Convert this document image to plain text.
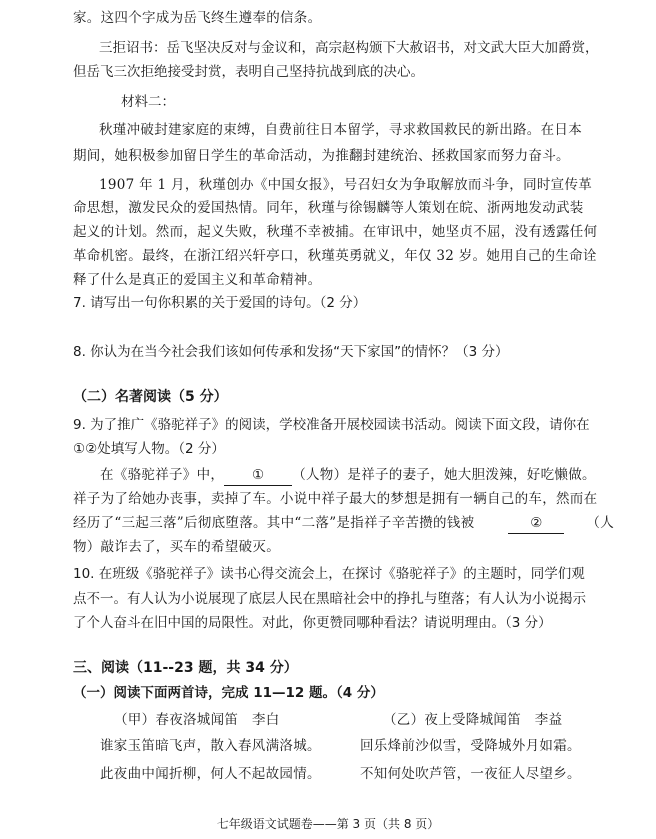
家。这四个字成为岳飞终生遵奉的信条。
三拒诏书：岳飞坚决反对与金议和，高宗赵构颁下大赦诏书，对文武大臣大加爵赏，
但岳飞三次拒绝接受封赏，表明自己坚持抗战到底的决心。
材料二：
秋瑾冲破封建家庭的束缚，自费前往日本留学，寻求救国救民的新出路。在日本
期间，她积极参加留日学生的革命活动，为推翻封建统治、拯救国家而努力奋斗。
1907 年 1 月，秋瑾创办《中国女报》，号召妇女为争取解放而斗争，同时宣传革
命思想，激发民众的爱国热情。同年，秋瑾与徐锡麟等人策划在皖、浙两地发动武装
起义的计划。然而，起义失败，秋瑾不幸被捕。在审讯中，她坚贞不屈，没有透露任何
革命机密。最终，在浙江绍兴轩亭口，秋瑾英勇就义，年仅 32 岁。她用自己的生命诠
释了什么是真正的爱国主义和革命精神。
7. 请写出一句你积累的关于爱国的诗句。（2 分）
8. 你认为在当今社会我们该如何传承和发扬“天下家国”的情怀？（3 分）
（二）名著阅读（5 分）
9. 为了推广《骆驼祥子》的阅读，学校准备开展校园读书活动。阅读下面文段，请你在
①②处填写人物。（2 分）
在《骆驼祥子》中， ① （人物）是祥子的妻子，她大胆泼辣，好吃懒做。
祥子为了给她办丧事，卖掉了车。小说中祥子最大的梦想是拥有一辆自己的车，然而在
经历了“三起三落”后彻底堕落。其中“二落”是指祥子辛苦攒的钱被	②	（人
物）敲诈去了，买车的希望破灭。
10. 在班级《骆驼祥子》读书心得交流会上，在探讨《骆驼祥子》的主题时，同学们观
点不一。有人认为小说展现了底层人民在黑暗社会中的挣扎与堕落；有人认为小说揭示
了个人奋斗在旧中国的局限性。对此，你更赞同哪种看法？请说明理由。（3 分）
三、阅读（11--23 题，共 34 分）
（一）阅读下面两首诗，完成 11—12 题。（4 分）
（甲）春夜洛城闻笛　李白
谁家玉笛暗飞声，散入春风满洛城。
此夜曲中闻折柳，何人不起故园情。
（乙）夜上受降城闻笛　李益
回乐烽前沙似雪，受降城外月如霜。
不知何处吹芦管，一夜征人尽望乡。
七年级语文试题卷——第 3 页（共 8 页）
